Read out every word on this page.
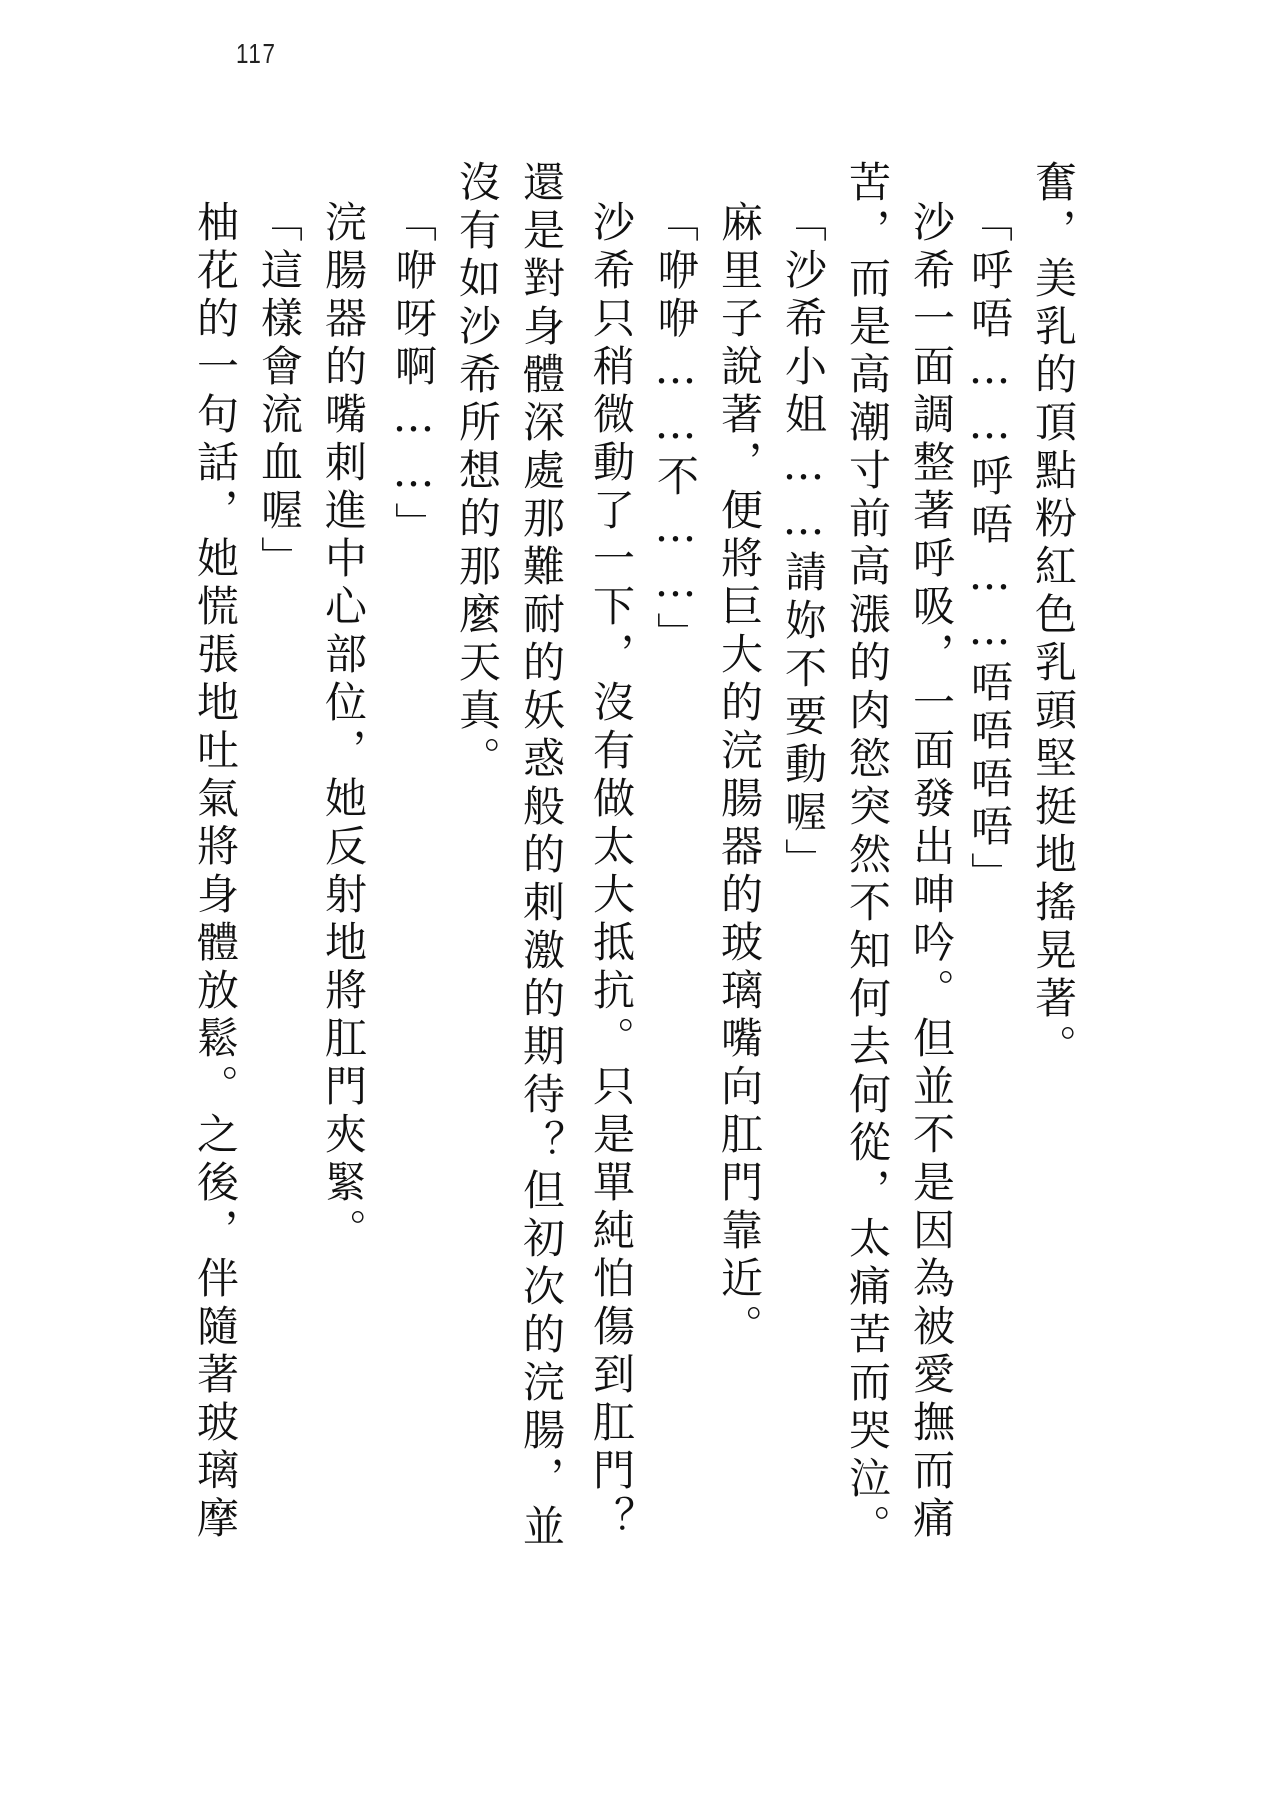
117
奮，美乳的頂點粉紅色乳頭堅挺地搖晃著。
「呼唔……呼唔……唔唔唔唔」
沙希一面調整著呼吸，一面發出呻吟。但並不是因為被愛撫而痛
苦，而是高潮寸前高漲的肉慾突然不知何去何從，太痛苦而哭泣。
「沙希小姐……請妳不要動喔」
麻里子說著，便將巨大的浣腸器的玻璃嘴向肛門靠近。
「咿咿……不……」
沙希只稍微動了一下，沒有做太大抵抗。只是單純怕傷到肛門？
還是對身體深處那難耐的妖惑般的刺激的期待？但初次的浣腸，並
沒有如沙希所想的那麼天真。
「咿呀啊……」
浣腸器的嘴刺進中心部位，她反射地將肛門夾緊。
「這樣會流血喔」
柚花的一句話，她慌張地吐氣將身體放鬆。之後，伴隨著玻璃摩
